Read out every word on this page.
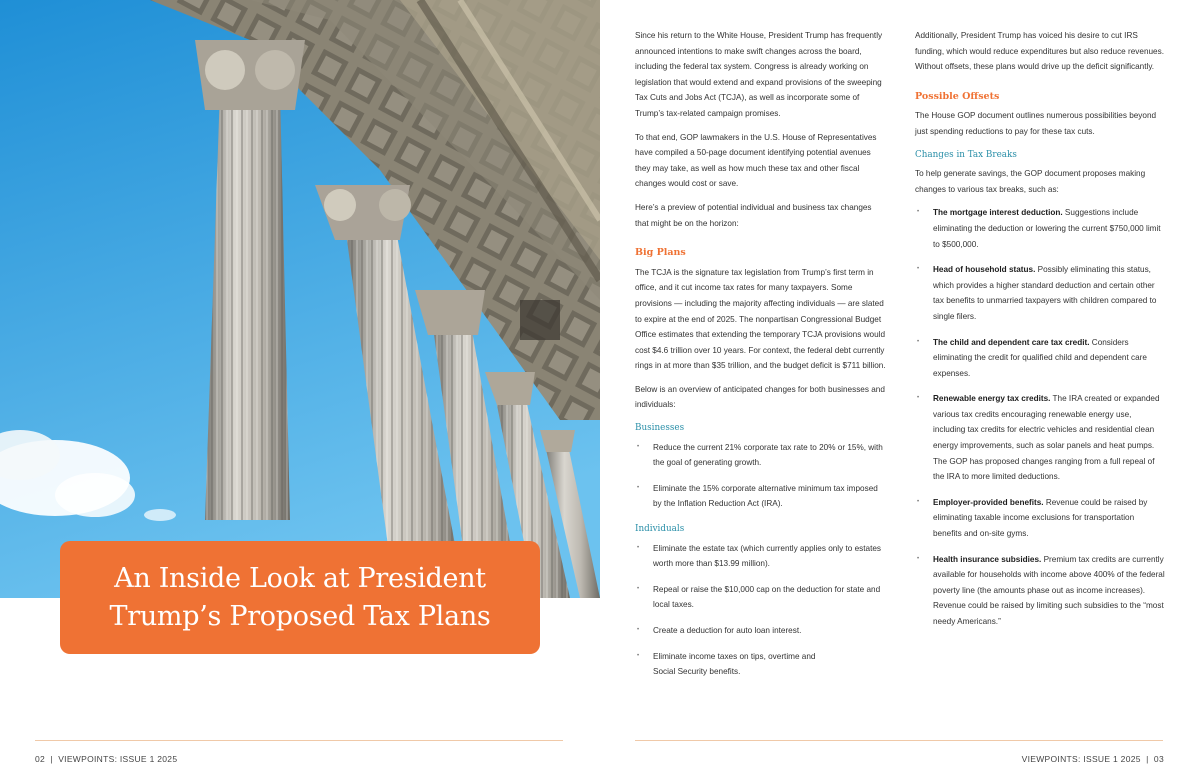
An Inside Look at President Trump’s Proposed Tax Plans

Since his return to the White House, President Trump has frequently announced intentions to make swift changes across the board, including the federal tax system. Congress is already working on legislation that would extend and expand provisions of the sweeping Tax Cuts and Jobs Act (TCJA), as well as incorporate some of Trump’s tax-related campaign promises.

To that end, GOP lawmakers in the U.S. House of Representatives have compiled a 50-page document identifying potential avenues they may take, as well as how much these tax and other fiscal changes would cost or save.

Here’s a preview of potential individual and business tax changes that might be on the horizon:

Big Plans

The TCJA is the signature tax legislation from Trump’s first term in office, and it cut income tax rates for many taxpayers. Some provisions — including the majority affecting individuals — are slated to expire at the end of 2025. The nonpartisan Congressional Budget Office estimates that extending the temporary TCJA provisions would cost $4.6 trillion over 10 years. For context, the federal debt currently rings in at more than $35 trillion, and the budget deficit is $711 billion.

Below is an overview of anticipated changes for both businesses and individuals:

Businesses
• Reduce the current 21% corporate tax rate to 20% or 15%, with the goal of generating growth.
• Eliminate the 15% corporate alternative minimum tax imposed by the Inflation Reduction Act (IRA).
Individuals
• Eliminate the estate tax (which currently applies only to estates worth more than $13.99 million).
• Repeal or raise the $10,000 cap on the deduction for state and local taxes.
• Create a deduction for auto loan interest.
• Eliminate income taxes on tips, overtime and Social Security benefits.

Additionally, President Trump has voiced his desire to cut IRS funding, which would reduce expenditures but also reduce revenues. Without offsets, these plans would drive up the deficit significantly.

Possible Offsets

The House GOP document outlines numerous possibilities beyond just spending reductions to pay for these tax cuts.

Changes in Tax Breaks

To help generate savings, the GOP document proposes making changes to various tax breaks, such as:

• The mortgage interest deduction. Suggestions include eliminating the deduction or lowering the current $750,000 limit to $500,000.
• Head of household status. Possibly eliminating this status, which provides a higher standard deduction and certain other tax benefits to unmarried taxpayers with children compared to single filers.
• The child and dependent care tax credit. Considers eliminating the credit for qualified child and dependent care expenses.
• Renewable energy tax credits. The IRA created or expanded various tax credits encouraging renewable energy use, including tax credits for electric vehicles and residential clean energy improvements, such as solar panels and heat pumps. The GOP has proposed changes ranging from a full repeal of the IRA to more limited deductions.
• Employer-provided benefits. Revenue could be raised by eliminating taxable income exclusions for transportation benefits and on-site gyms.
• Health insurance subsidies. Premium tax credits are currently available for households with income above 400% of the federal poverty line (the amounts phase out as income increases). Revenue could be raised by limiting such subsidies to the “most needy Americans.”
02  |  VIEWPOINTS: ISSUE 1 2025	VIEWPOINTS: ISSUE 1 2025  |  03
